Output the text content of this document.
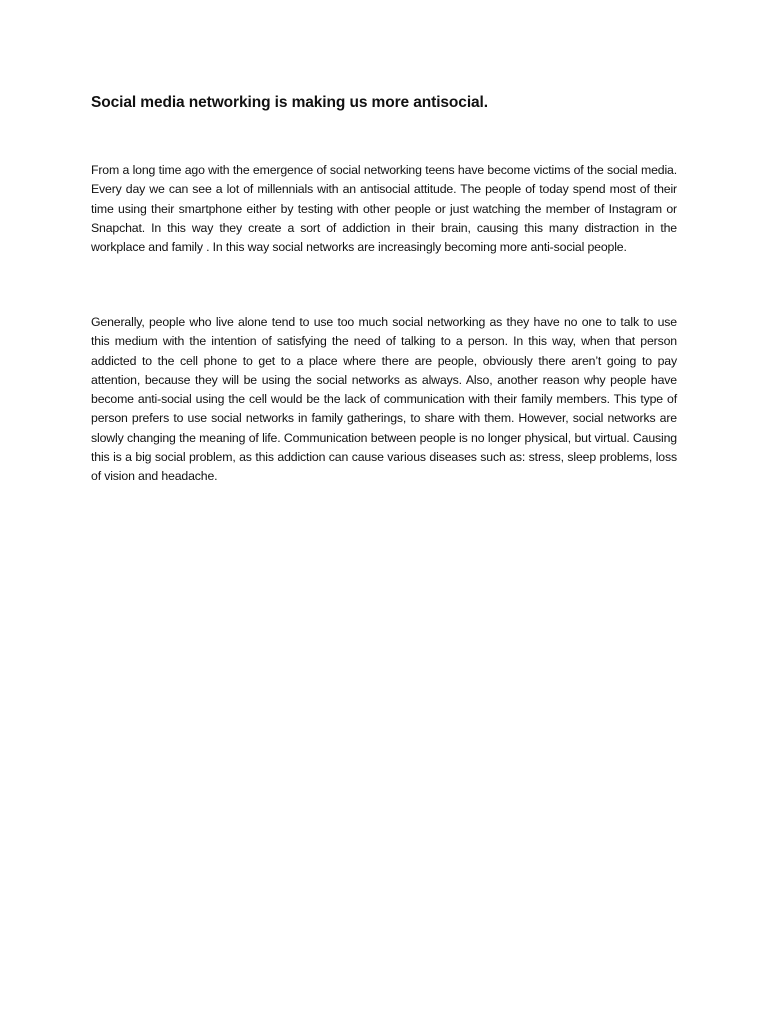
Social media networking is making us more antisocial.

From a long time ago with the emergence of social networking teens have become victims of the social media. Every day we can see a lot of millennials with an antisocial attitude. The people of today spend most of their time using their smartphone either by testing with other people or just watching the member of Instagram or Snapchat. In this way they create a sort of addiction in their brain, causing this many distraction in the workplace and family . In this way social networks are increasingly becoming more anti-social people.

Generally, people who live alone tend to use too much social networking as they have no one to talk to use this medium with the intention of satisfying the need of talking to a person. In this way, when that person addicted to the cell phone to get to a place where there are people, obviously there aren’t going to pay attention, because they will be using the social networks as always. Also, another reason why people have become anti-social using the cell would be the lack of communication with their family members. This type of person prefers to use social networks in family gatherings, to share with them. However, social networks are slowly changing the meaning of life. Communication between people is no longer physical, but virtual. Causing this is a big social problem, as this addiction can cause various diseases such as: stress, sleep problems, loss of vision and headache.
